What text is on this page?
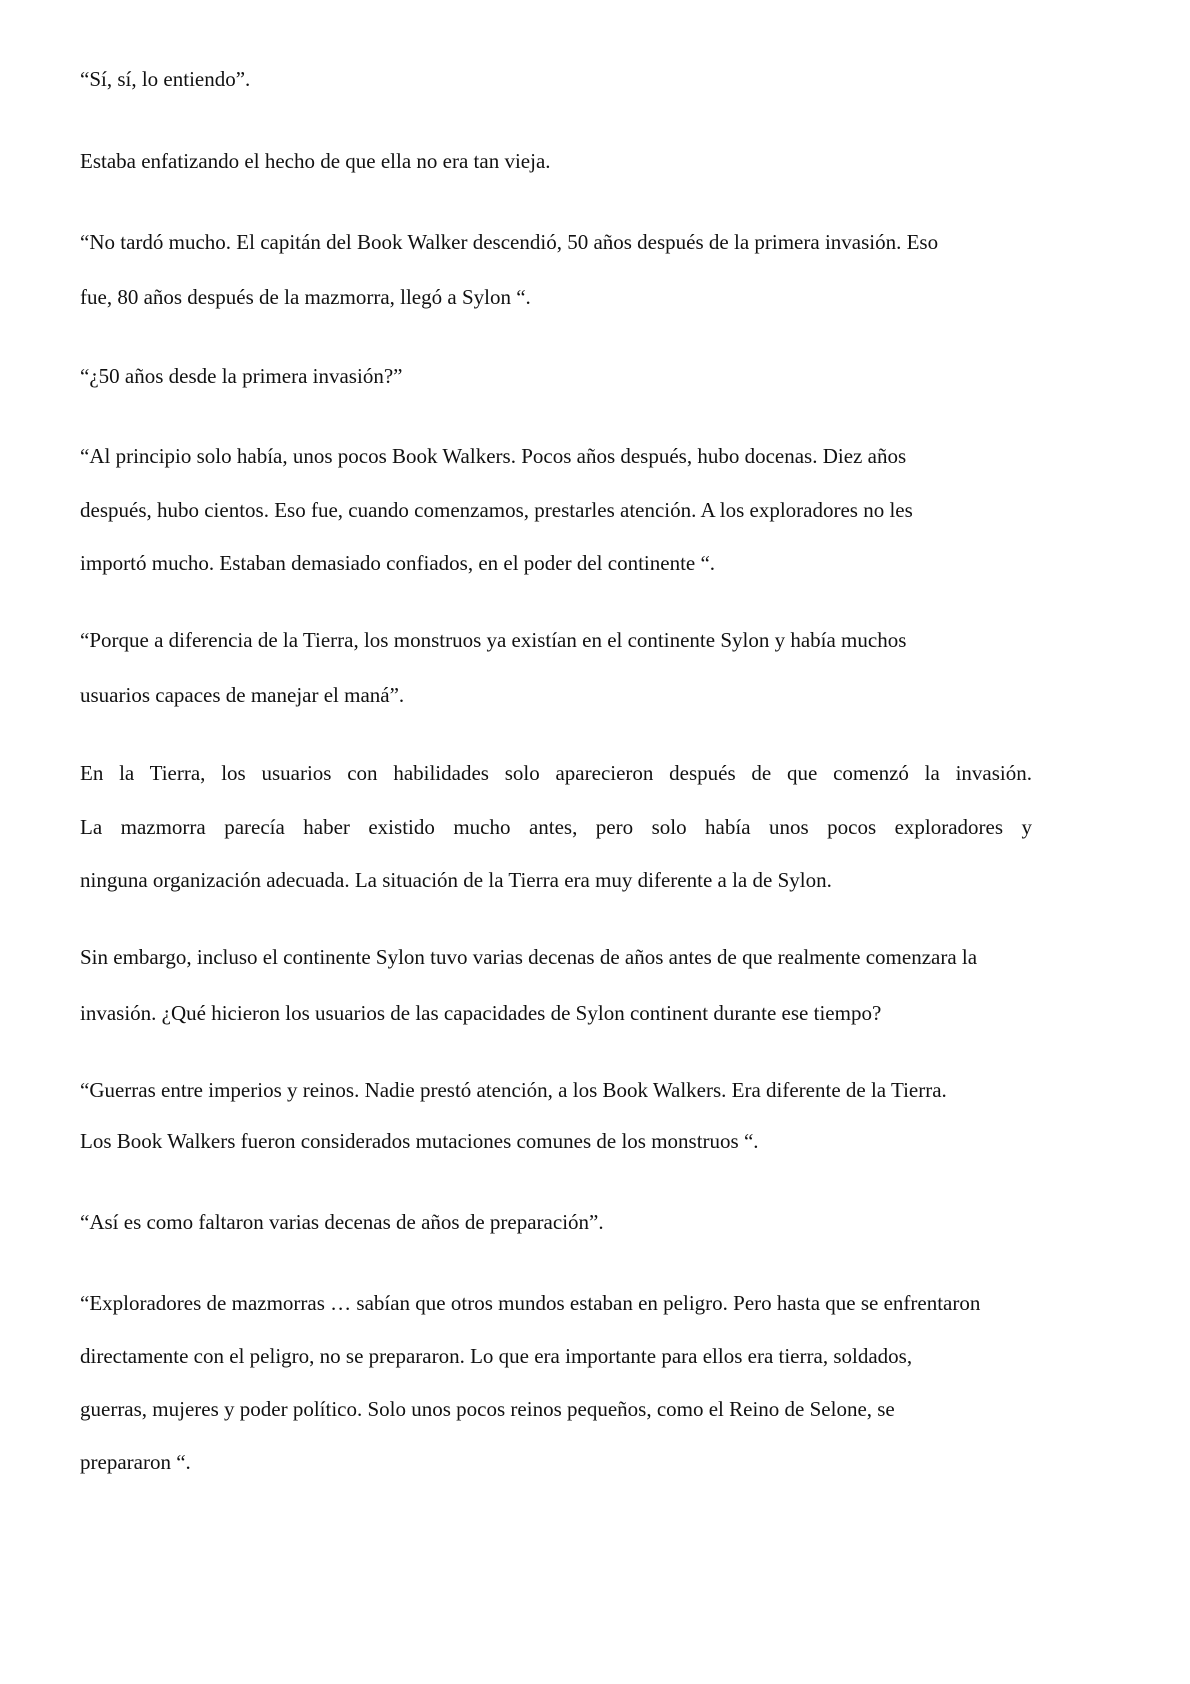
“Sí, sí, lo entiendo”.

Estaba enfatizando el hecho de que ella no era tan vieja.

“No tardó mucho. El capitán del Book Walker descendió, 50 años después de la primera invasión. Eso

fue, 80 años después de la mazmorra, llegó a Sylon “.

“¿50 años desde la primera invasión?”

“Al principio solo había, unos pocos Book Walkers. Pocos años después, hubo docenas. Diez años

después, hubo cientos. Eso fue, cuando comenzamos, prestarles atención. A los exploradores no les

importó mucho. Estaban demasiado confiados, en el poder del continente “.

“Porque a diferencia de la Tierra, los monstruos ya existían en el continente Sylon y había muchos

usuarios capaces de manejar el maná”.

En la Tierra, los usuarios con habilidades solo aparecieron después de que comenzó la invasión.

La mazmorra parecía haber existido mucho antes, pero solo había unos pocos exploradores y

ninguna organización adecuada. La situación de la Tierra era muy diferente a la de Sylon.

Sin embargo, incluso el continente Sylon tuvo varias decenas de años antes de que realmente comenzara la

invasión. ¿Qué hicieron los usuarios de las capacidades de Sylon continent durante ese tiempo?

“Guerras entre imperios y reinos. Nadie prestó atención, a los Book Walkers. Era diferente de la Tierra.

Los Book Walkers fueron considerados mutaciones comunes de los monstruos “.

“Así es como faltaron varias decenas de años de preparación”.

“Exploradores de mazmorras … sabían que otros mundos estaban en peligro. Pero hasta que se enfrentaron

directamente con el peligro, no se prepararon. Lo que era importante para ellos era tierra, soldados,

guerras, mujeres y poder político. Solo unos pocos reinos pequeños, como el Reino de Selone, se

prepararon “.
